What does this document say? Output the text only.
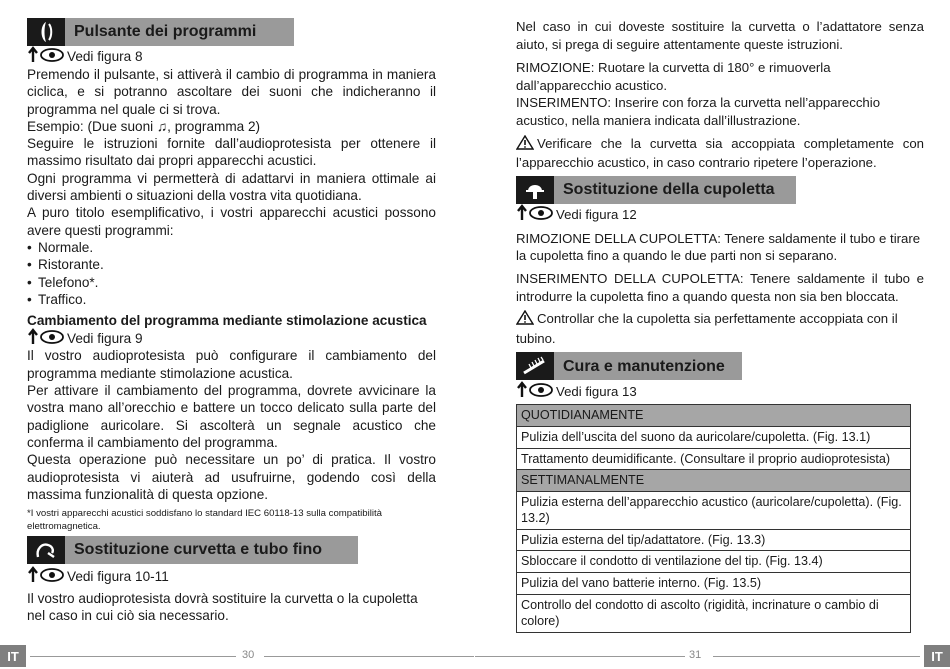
Pulsante dei programmi
Vedi figura 8

Premendo il pulsante, si attiverà il cambio di programma in maniera ciclica, e si potranno ascoltare dei suoni che indicheranno il programma nel quale ci si trova.

Esempio: (Due suoni ♫, programma 2)

Seguire le istruzioni fornite dall’audioprotesista per ottenere il massimo risultato dai propri apparecchi acustici.

Ogni programma vi permetterà di adattarvi in maniera ottimale ai diversi ambienti o situazioni della vostra vita quotidiana.

A puro titolo esemplificativo, i vostri apparecchi acustici possono avere questi programmi:

• Normale.
• Ristorante.
• Telefono*.
• Traffico.

Cambiamento del programma mediante stimolazione acustica

Vedi figura 9

Il vostro audioprotesista può configurare il cambiamento del programma mediante stimolazione acustica.

Per attivare il cambiamento del programma, dovrete avvicinare la vostra mano all’orecchio e battere un tocco delicato sulla parte del padiglione auricolare. Si ascolterà un segnale acustico che conferma il cambiamento del programma.

Questa operazione può necessitare un po’ di pratica. Il vostro audioprotesista vi aiuterà ad usufruirne, godendo così della massima funzionalità di questa opzione.

*I vostri apparecchi acustici soddisfano lo standard IEC 60118-13 sulla compatibilità elettromagnetica.

Sostituzione curvetta e tubo fino
Vedi figura 10-11

Il vostro audioprotesista dovrà sostituire la curvetta o la cupoletta nel caso in cui ciò sia necessario.

IT	30	31	IT

Nel caso in cui doveste sostituire la curvetta o l’adattatore senza aiuto, si prega di seguire attentamente queste istruzioni.

RIMOZIONE: Ruotare la curvetta di 180° e rimuoverla dall’apparecchio acustico.

INSERIMENTO: Inserire con forza la curvetta nell’apparecchio acustico, nella maniera indicata dall’illustrazione.

Verificare che la curvetta sia accoppiata completamente con l’apparecchio acustico, in caso contrario ripetere l’operazione.

Sostituzione della cupoletta
Vedi figura 12

RIMOZIONE DELLA CUPOLETTA: Tenere saldamente il tubo e tirare la cupoletta fino a quando le due parti non si separano.

INSERIMENTO DELLA CUPOLETTA: Tenere saldamente il tubo e introdurre la cupoletta fino a quando questa non sia ben bloccata.

Controllar che la cupoletta sia perfettamente accoppiata con il tubino.

Cura e manutenzione
Vedi figura 13
QUOTIDIANAMENTE
Pulizia dell’uscita del suono da auricolare/cupoletta. (Fig. 13.1)
Trattamento deumidificante. (Consultare il proprio audioprotesista)
SETTIMANALMENTE
Pulizia esterna dell’apparecchio acustico (auricolare/cupoletta). (Fig. 13.2)
Pulizia esterna del tip/adattatore. (Fig. 13.3)
Sbloccare il condotto di ventilazione del tip. (Fig. 13.4)
Pulizia del vano batterie interno. (Fig. 13.5)
Controllo del condotto di ascolto (rigidità, incrinature o cambio di colore)
